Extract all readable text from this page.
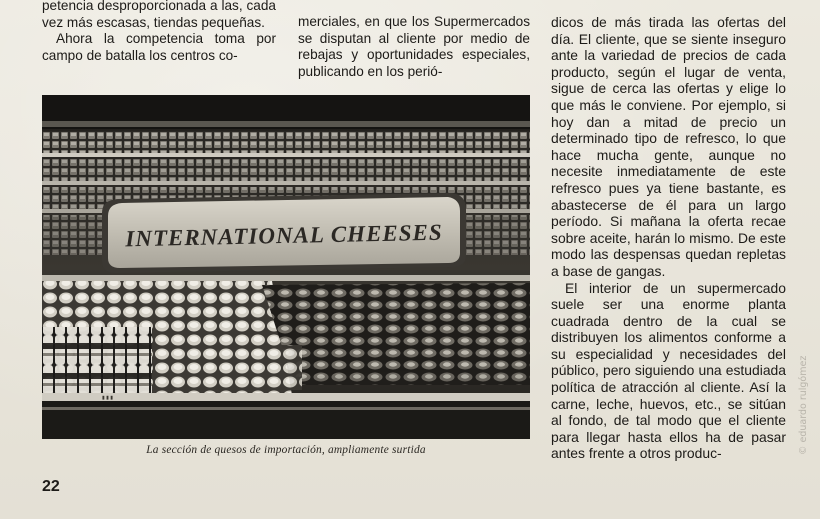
petencia desproporcionada a las, cada vez más escasas, tiendas pequeñas.

Ahora la competencia toma por campo de batalla los centros co-

merciales, en que los Supermercados se disputan al cliente por medio de rebajas y oportunidades especiales, publicando en los perió-

dicos de más tirada las ofertas del día. El cliente, que se siente inseguro ante la variedad de precios de cada producto, según el lugar de venta, sigue de cerca las ofertas y elige lo que más le conviene. Por ejemplo, si hoy dan a mitad de precio un determinado tipo de refresco, lo que hace mucha gente, aunque no necesite inmediatamente de este refresco pues ya tiene bastante, es abastecerse de él para un largo período. Si mañana la oferta recae sobre aceite, harán lo mismo. De este modo las despensas quedan repletas a base de gangas.

El interior de un supermercado suele ser una enorme planta cuadrada dentro de la cual se distribuyen los alimentos conforme a su especialidad y necesidades del público, pero siguiendo una estudiada política de atracción al cliente. Así la carne, leche, huevos, etc., se sitúan al fondo, de tal modo que el cliente para llegar hasta ellos ha de pasar antes frente a otros produc-

INTERNATIONAL CHEESES
▮ ▮ ▮
La sección de quesos de importación, ampliamente surtida
22
© eduardo rulgómez
